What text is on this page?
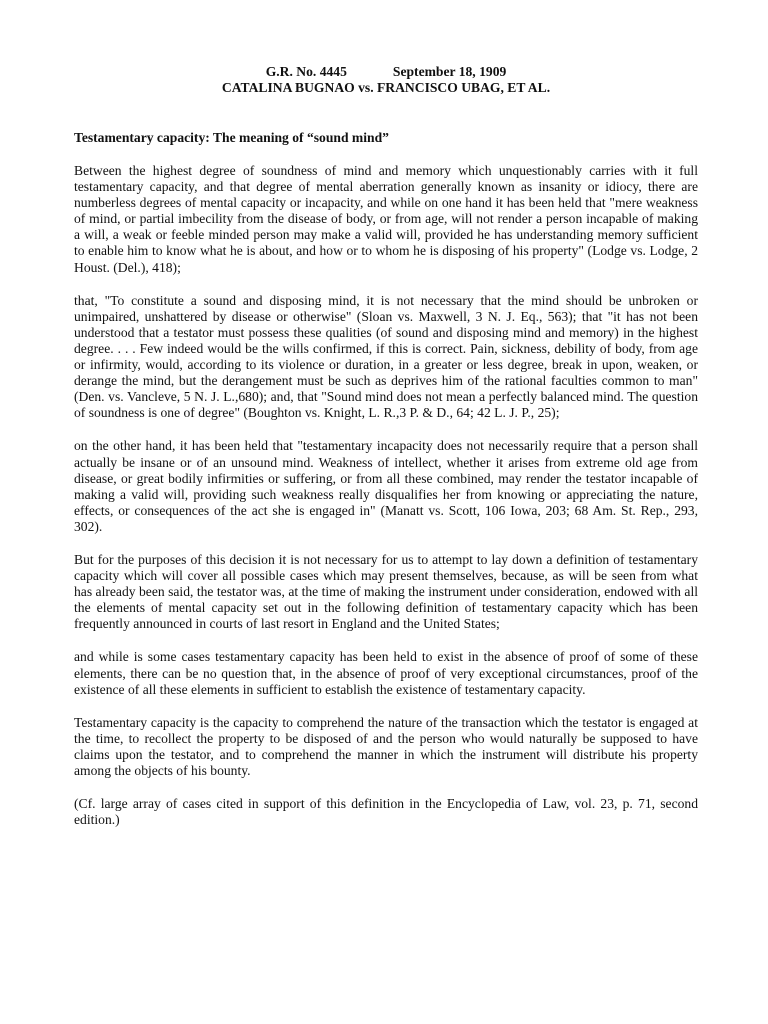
G.R. No. 4445	September 18, 1909
CATALINA BUGNAO vs. FRANCISCO UBAG, ET AL.

Testamentary capacity: The meaning of “sound mind”

Between the highest degree of soundness of mind and memory which unquestionably carries with it full testamentary capacity, and that degree of mental aberration generally known as insanity or idiocy, there are numberless degrees of mental capacity or incapacity, and while on one hand it has been held that "mere weakness of mind, or partial imbecility from the disease of body, or from age, will not render a person incapable of making a will, a weak or feeble minded person may make a valid will, provided he has understanding memory sufficient to enable him to know what he is about, and how or to whom he is disposing of his property" (Lodge vs. Lodge, 2 Houst. (Del.), 418);

that, "To constitute a sound and disposing mind, it is not necessary that the mind should be unbroken or unimpaired, unshattered by disease or otherwise" (Sloan vs. Maxwell, 3 N. J. Eq., 563); that "it has not been understood that a testator must possess these qualities (of sound and disposing mind and memory) in the highest degree. . . . Few indeed would be the wills confirmed, if this is correct. Pain, sickness, debility of body, from age or infirmity, would, according to its violence or duration, in a greater or less degree, break in upon, weaken, or derange the mind, but the derangement must be such as deprives him of the rational faculties common to man" (Den. vs. Vancleve, 5 N. J. L.,680); and, that "Sound mind does not mean a perfectly balanced mind. The question of soundness is one of degree" (Boughton vs. Knight, L. R.,3 P. & D., 64; 42 L. J. P., 25);

on the other hand, it has been held that "testamentary incapacity does not necessarily require that a person shall actually be insane or of an unsound mind. Weakness of intellect, whether it arises from extreme old age from disease, or great bodily infirmities or suffering, or from all these combined, may render the testator incapable of making a valid will, providing such weakness really disqualifies her from knowing or appreciating the nature, effects, or consequences of the act she is engaged in" (Manatt vs. Scott, 106 Iowa, 203; 68 Am. St. Rep., 293, 302).

But for the purposes of this decision it is not necessary for us to attempt to lay down a definition of testamentary capacity which will cover all possible cases which may present themselves, because, as will be seen from what has already been said, the testator was, at the time of making the instrument under consideration, endowed with all the elements of mental capacity set out in the following definition of testamentary capacity which has been frequently announced in courts of last resort in England and the United States;

and while is some cases testamentary capacity has been held to exist in the absence of proof of some of these elements, there can be no question that, in the absence of proof of very exceptional circumstances, proof of the existence of all these elements in sufficient to establish the existence of testamentary capacity.

Testamentary capacity is the capacity to comprehend the nature of the transaction which the testator is engaged at the time, to recollect the property to be disposed of and the person who would naturally be supposed to have claims upon the testator, and to comprehend the manner in which the instrument will distribute his property among the objects of his bounty.

(Cf. large array of cases cited in support of this definition in the Encyclopedia of Law, vol. 23, p. 71, second edition.)
